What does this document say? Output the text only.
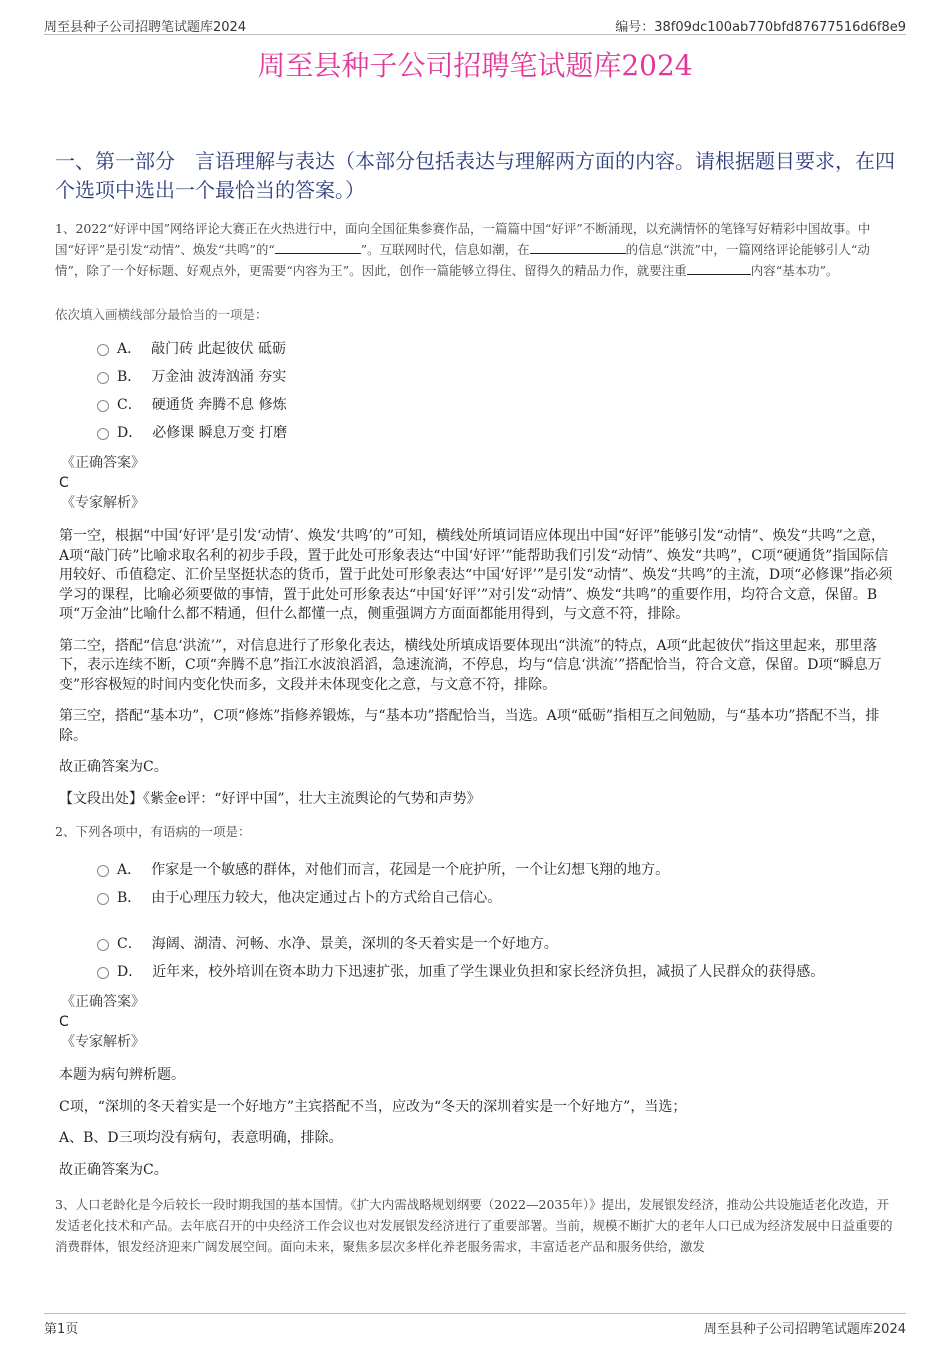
周至县种子公司招聘笔试题库2024	编号：38f09dc100ab770bfd87677516d6f8e9
周至县种子公司招聘笔试题库2024
一、第一部分　言语理解与表达（本部分包括表达与理解两方面的内容。请根据题目要求，在四个选项中选出一个最恰当的答案。）
1、2022“好评中国”网络评论大赛正在火热进行中，面向全国征集参赛作品，一篇篇中国“好评”不断涌现，以充满情怀的笔锋写好精彩中国故事。中国“好评”是引发“动情”、焕发“共鸣”的“	”。互联网时代，信息如潮，在	的信息“洪流”中，一篇网络评论能够引人“动情”，除了一个好标题、好观点外，更需要“内容为王”。因此，创作一篇能够立得住、留得久的精品力作，就要注重	内容“基本功”。
依次填入画横线部分最恰当的一项是：
A． 敲门砖 此起彼伏 砥砺
B． 万金油 波涛汹涌 夯实
C． 硬通货 奔腾不息 修炼
D． 必修课 瞬息万变 打磨
《正确答案》
C
《专家解析》
第一空，根据“中国‘好评’是引发‘动情’、焕发‘共鸣’的”可知，横线处所填词语应体现出中国“好评”能够引发“动情”、焕发“共鸣”之意，A项“敲门砖”比喻求取名利的初步手段，置于此处可形象表达“中国‘好评’”能帮助我们引发“动情”、焕发“共鸣”，C项“硬通货”指国际信用较好、币值稳定、汇价呈坚挺状态的货币，置于此处可形象表达“中国‘好评’”是引发“动情”、焕发“共鸣”的主流，D项“必修课”指必须学习的课程，比喻必须要做的事情，置于此处可形象表达“中国‘好评’”对引发“动情”、焕发“共鸣”的重要作用，均符合文意，保留。B项“万金油”比喻什么都不精通，但什么都懂一点，侧重强调方方面面都能用得到，与文意不符，排除。
第二空，搭配“信息‘洪流’”，对信息进行了形象化表达，横线处所填成语要体现出“洪流”的特点，A项“此起彼伏”指这里起来，那里落下，表示连续不断，C项“奔腾不息”指江水波浪滔滔，急速流淌，不停息，均与“信息‘洪流’”搭配恰当，符合文意，保留。D项“瞬息万变”形容极短的时间内变化快而多，文段并未体现变化之意，与文意不符，排除。
第三空，搭配“基本功”，C项“修炼”指修养锻炼，与“基本功”搭配恰当，当选。A项“砥砺”指相互之间勉励，与“基本功”搭配不当，排除。
故正确答案为C。
【文段出处】《紫金e评：“好评中国”，壮大主流舆论的气势和声势》
2、下列各项中，有语病的一项是：
A． 作家是一个敏感的群体，对他们而言，花园是一个庇护所，一个让幻想飞翔的地方。
B． 由于心理压力较大，他决定通过占卜的方式给自己信心。
C． 海阔、湖清、河畅、水净、景美，深圳的冬天着实是一个好地方。
D． 近年来，校外培训在资本助力下迅速扩张，加重了学生课业负担和家长经济负担，减损了人民群众的获得感。
《正确答案》
C
《专家解析》
本题为病句辨析题。
C项，“深圳的冬天着实是一个好地方”主宾搭配不当，应改为“冬天的深圳着实是一个好地方”，当选；
A、B、D三项均没有病句，表意明确，排除。
故正确答案为C。
3、人口老龄化是今后较长一段时期我国的基本国情。《扩大内需战略规划纲要（2022—2035年）》提出，发展银发经济，推动公共设施适老化改造，开发适老化技术和产品。去年底召开的中央经济工作会议也对发展银发经济进行了重要部署。当前，规模不断扩大的老年人口已成为经济发展中日益重要的消费群体，银发经济迎来广阔发展空间。面向未来，聚焦多层次多样化养老服务需求，丰富适老产品和服务供给，激发
第1页	周至县种子公司招聘笔试题库2024
